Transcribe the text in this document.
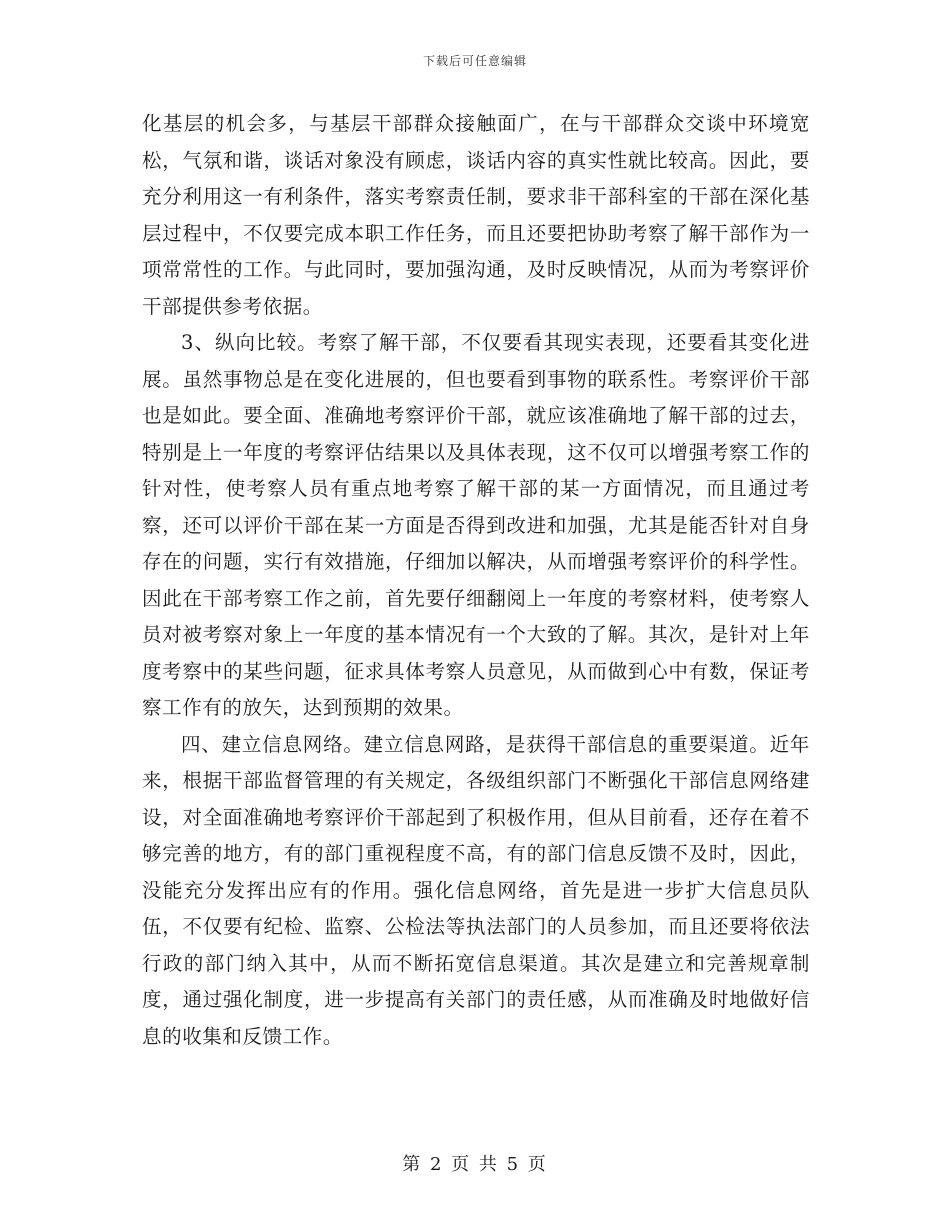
下载后可任意编辑

化基层的机会多，与基层干部群众接触面广，在与干部群众交谈中环境宽松，气氛和谐，谈话对象没有顾虑，谈话内容的真实性就比较高。因此，要充分利用这一有利条件，落实考察责任制，要求非干部科室的干部在深化基层过程中，不仅要完成本职工作任务，而且还要把协助考察了解干部作为一项常常性的工作。与此同时，要加强沟通，及时反映情况，从而为考察评价干部提供参考依据。

3、纵向比较。考察了解干部，不仅要看其现实表现，还要看其变化进展。虽然事物总是在变化进展的，但也要看到事物的联系性。考察评价干部也是如此。要全面、准确地考察评价干部，就应该准确地了解干部的过去，特别是上一年度的考察评估结果以及具体表现，这不仅可以增强考察工作的针对性，使考察人员有重点地考察了解干部的某一方面情况，而且通过考察，还可以评价干部在某一方面是否得到改进和加强，尤其是能否针对自身存在的问题，实行有效措施，仔细加以解决，从而增强考察评价的科学性。因此在干部考察工作之前，首先要仔细翻阅上一年度的考察材料，使考察人员对被考察对象上一年度的基本情况有一个大致的了解。其次，是针对上年度考察中的某些问题，征求具体考察人员意见，从而做到心中有数，保证考察工作有的放矢，达到预期的效果。

四、建立信息网络。建立信息网路，是获得干部信息的重要渠道。近年来，根据干部监督管理的有关规定，各级组织部门不断强化干部信息网络建设，对全面准确地考察评价干部起到了积极作用，但从目前看，还存在着不够完善的地方，有的部门重视程度不高，有的部门信息反馈不及时，因此，没能充分发挥出应有的作用。强化信息网络，首先是进一步扩大信息员队伍，不仅要有纪检、监察、公检法等执法部门的人员参加，而且还要将依法行政的部门纳入其中，从而不断拓宽信息渠道。其次是建立和完善规章制度，通过强化制度，进一步提高有关部门的责任感，从而准确及时地做好信息的收集和反馈工作。

第 2 页 共 5 页
